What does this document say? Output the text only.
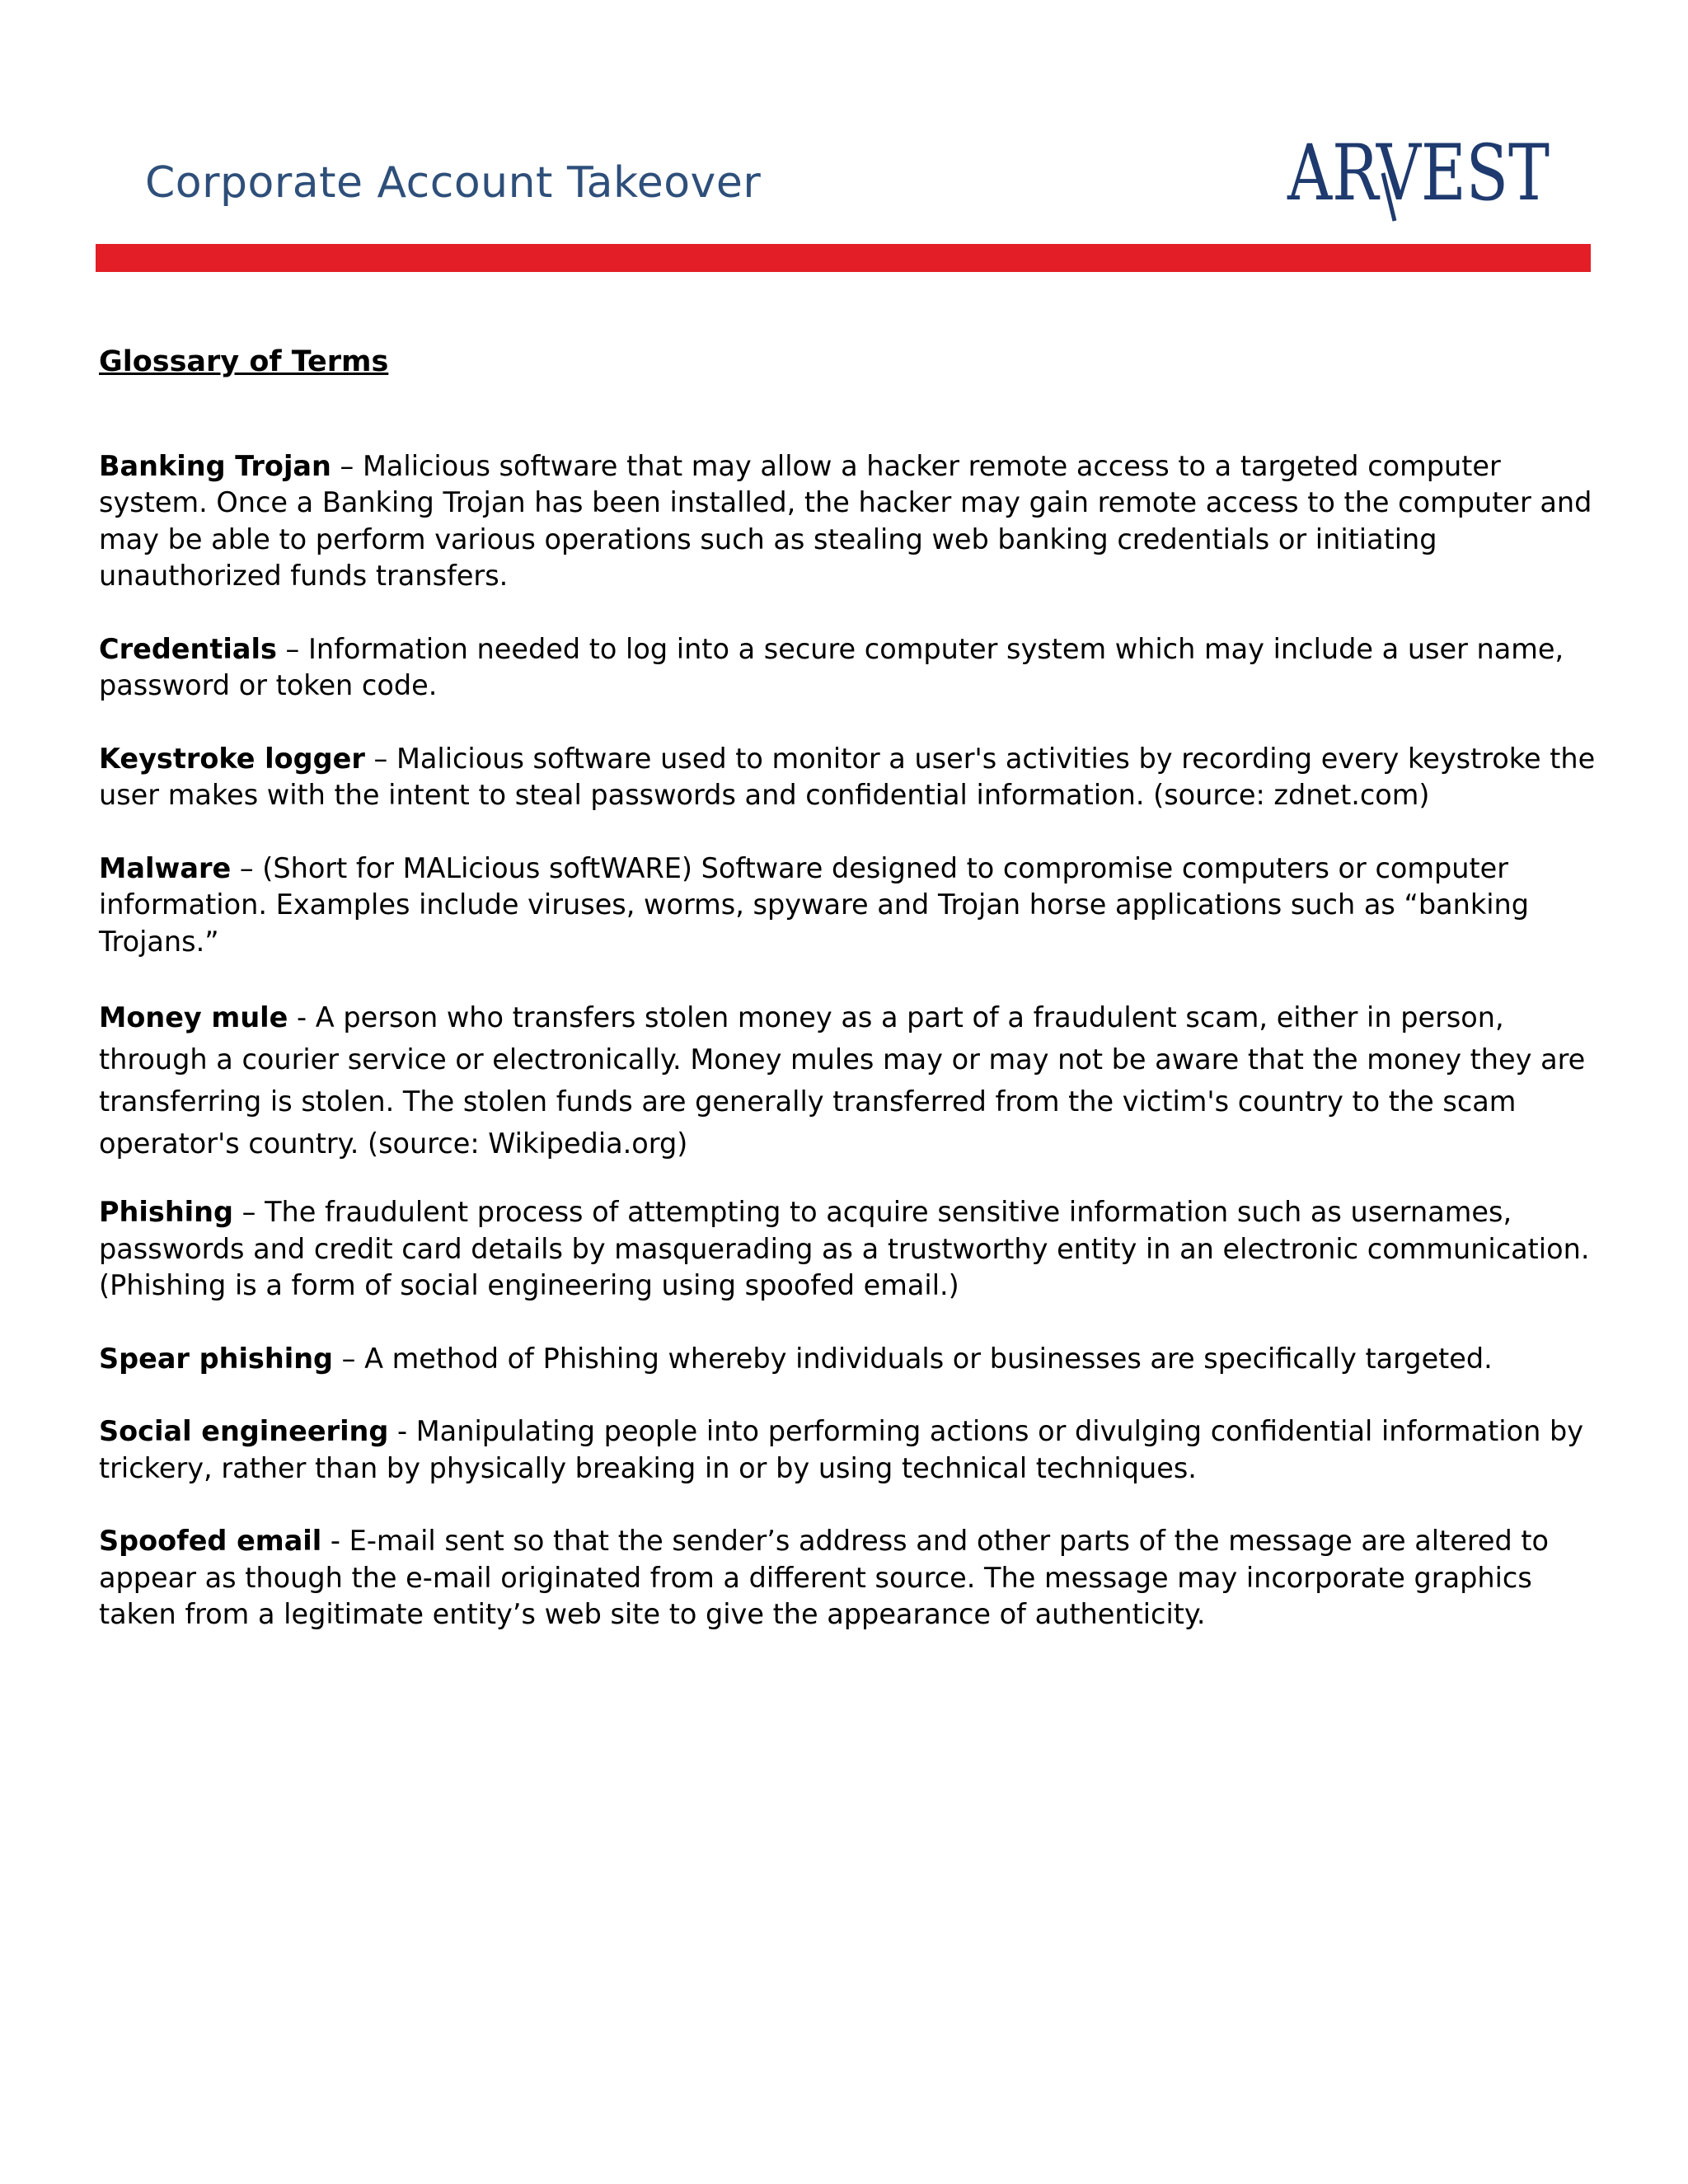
Corporate Account Takeover	ARVEST
Glossary of Terms

Banking Trojan – Malicious software that may allow a hacker remote access to a targeted computer system. Once a Banking Trojan has been installed, the hacker may gain remote access to the computer and may be able to perform various operations such as stealing web banking credentials or initiating unauthorized funds transfers.

Credentials – Information needed to log into a secure computer system which may include a user name, password or token code.

Keystroke logger – Malicious software used to monitor a user's activities by recording every keystroke the user makes with the intent to steal passwords and confidential information. (source: zdnet.com)

Malware – (Short for MALicious softWARE) Software designed to compromise computers or computer information. Examples include viruses, worms, spyware and Trojan horse applications such as “banking Trojans.”

Money mule - A person who transfers stolen money as a part of a fraudulent scam, either in person, through a courier service or electronically. Money mules may or may not be aware that the money they are transferring is stolen. The stolen funds are generally transferred from the victim's country to the scam operator's country. (source: Wikipedia.org)

Phishing – The fraudulent process of attempting to acquire sensitive information such as usernames, passwords and credit card details by masquerading as a trustworthy entity in an electronic communication. (Phishing is a form of social engineering using spoofed email.)

Spear phishing – A method of Phishing whereby individuals or businesses are specifically targeted.

Social engineering - Manipulating people into performing actions or divulging confidential information by trickery, rather than by physically breaking in or by using technical techniques.

Spoofed email - E-mail sent so that the sender’s address and other parts of the message are altered to appear as though the e-mail originated from a different source. The message may incorporate graphics taken from a legitimate entity’s web site to give the appearance of authenticity.
